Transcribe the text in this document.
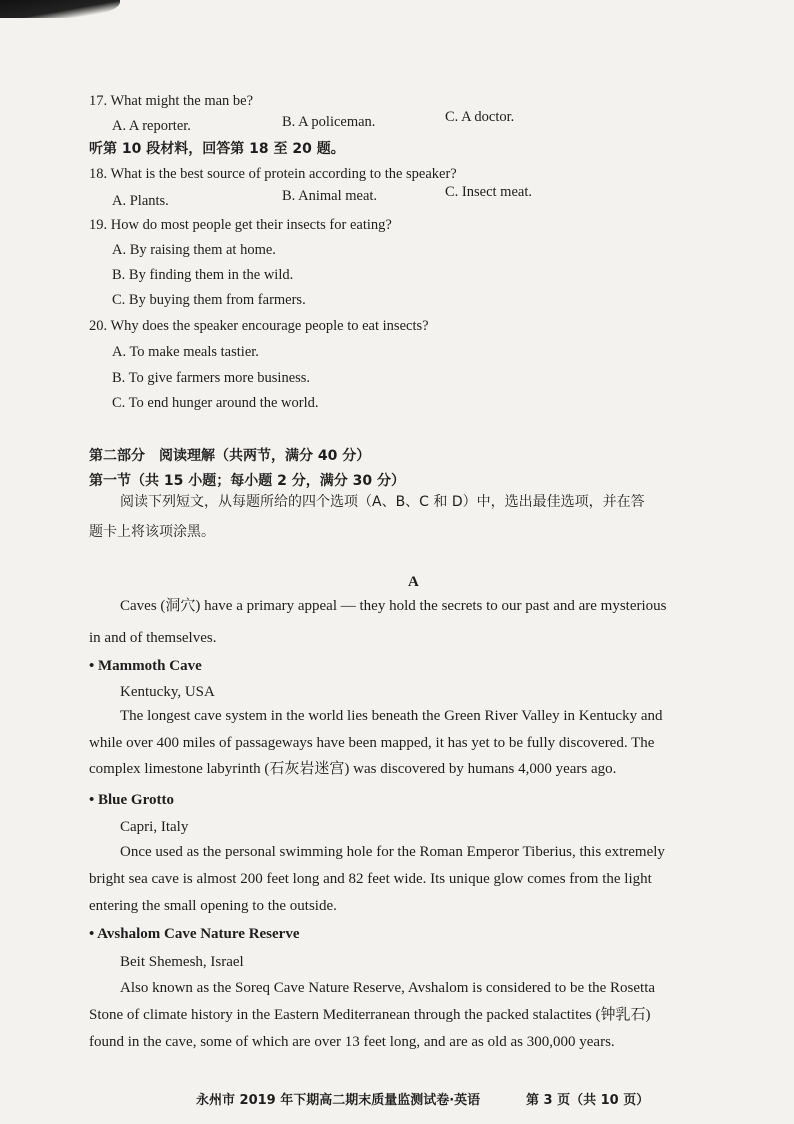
17. What might the man be?
A. A reporter.	B. A policeman.	C. A doctor.
听第 10 段材料，回答第 18 至 20 题。
18. What is the best source of protein according to the speaker?
A. Plants.	B. Animal meat.	C. Insect meat.
19. How do most people get their insects for eating?
A. By raising them at home.
B. By finding them in the wild.
C. By buying them from farmers.
20. Why does the speaker encourage people to eat insects?
A. To make meals tastier.
B. To give farmers more business.
C. To end hunger around the world.
第二部分　阅读理解（共两节，满分 40 分）
第一节（共 15 小题；每小题 2 分，满分 30 分）
阅读下列短文，从每题所给的四个选项（A、B、C 和 D）中，选出最佳选项，并在答
题卡上将该项涂黑。
A
Caves (洞穴) have a primary appeal — they hold the secrets to our past and are mysterious
in and of themselves.
• Mammoth Cave
Kentucky, USA
The longest cave system in the world lies beneath the Green River Valley in Kentucky and
while over 400 miles of passageways have been mapped, it has yet to be fully discovered. The
complex limestone labyrinth (石灰岩迷宫) was discovered by humans 4,000 years ago.
• Blue Grotto
Capri, Italy
Once used as the personal swimming hole for the Roman Emperor Tiberius, this extremely
bright sea cave is almost 200 feet long and 82 feet wide. Its unique glow comes from the light
entering the small opening to the outside.
• Avshalom Cave Nature Reserve
Beit Shemesh, Israel
Also known as the Soreq Cave Nature Reserve, Avshalom is considered to be the Rosetta
Stone of climate history in the Eastern Mediterranean through the packed stalactites (钟乳石)
found in the cave, some of which are over 13 feet long, and are as old as 300,000 years.
永州市 2019 年下期高二期末质量监测试卷·英语	第 3 页（共 10 页）
